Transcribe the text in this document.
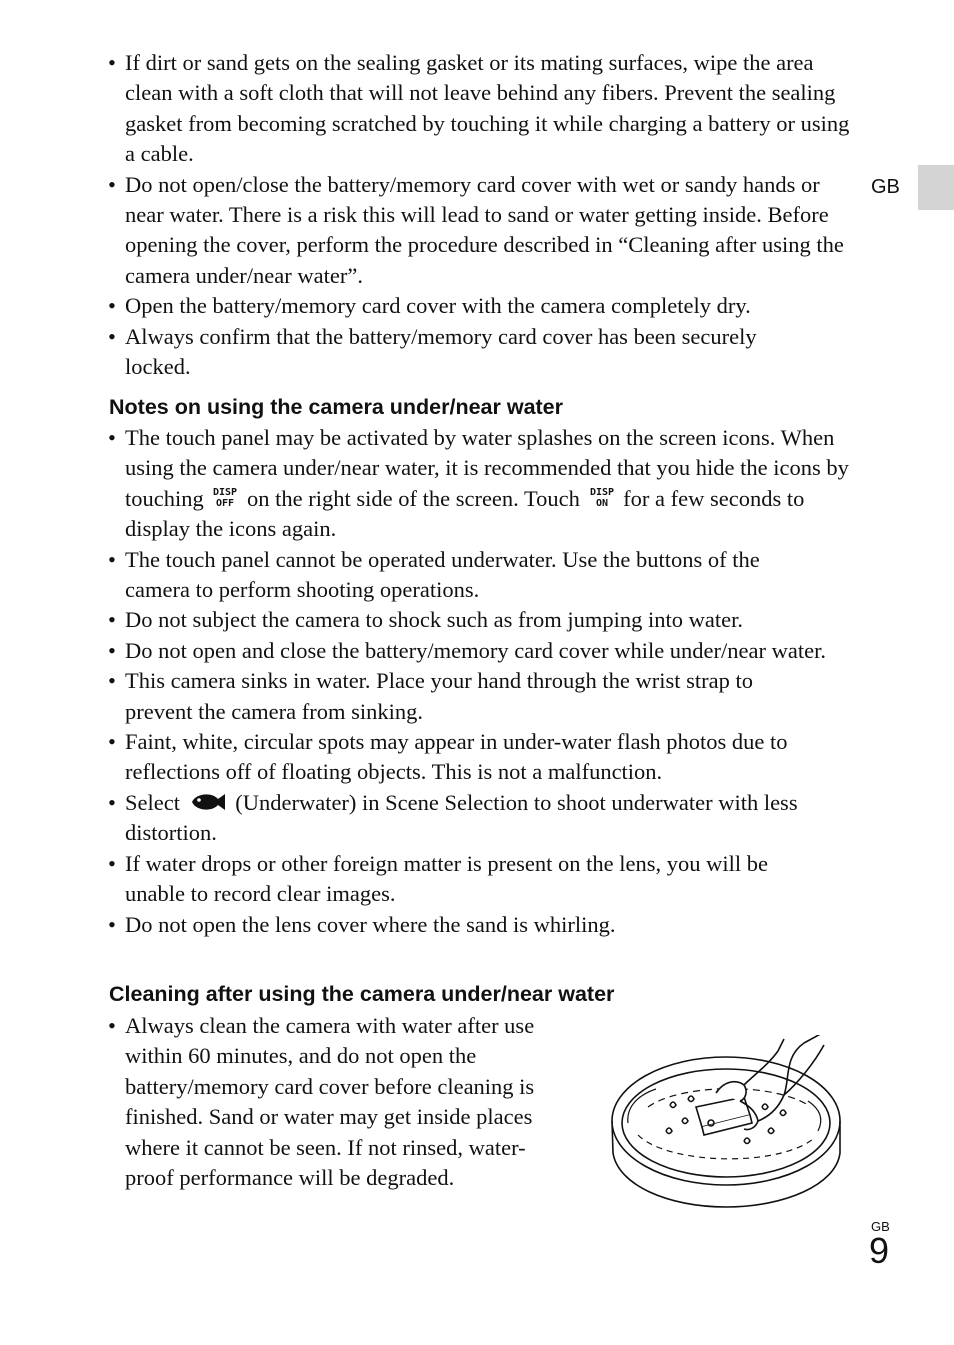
GB
• If dirt or sand gets on the sealing gasket or its mating surfaces, wipe the area clean with a soft cloth that will not leave behind any fibers. Prevent the sealing gasket from becoming scratched by touching it while charging a battery or using a cable.
• Do not open/close the battery/memory card cover with wet or sandy hands or near water. There is a risk this will lead to sand or water getting inside. Before opening the cover, perform the procedure described in “Cleaning after using the camera under/near water”.
• Open the battery/memory card cover with the camera completely dry.
• Always confirm that the battery/memory card cover has been securely locked.
Notes on using the camera under/near water
• The touch panel may be activated by water splashes on the screen icons. When using the camera under/near water, it is recommended that you hide the icons by touching DISP
OFF on the right side of the screen. Touch DISP
ON for a few seconds to display the icons again.
• The touch panel cannot be operated underwater. Use the buttons of the camera to perform shooting operations.
• Do not subject the camera to shock such as from jumping into water.
• Do not open and close the battery/memory card cover while under/near water.
• This camera sinks in water. Place your hand through the wrist strap to prevent the camera from sinking.
• Faint, white, circular spots may appear in under-water flash photos due to reflections off of floating objects. This is not a malfunction.
• Select (Underwater) in Scene Selection to shoot underwater with less distortion.
• If water drops or other foreign matter is present on the lens, you will be unable to record clear images.
• Do not open the lens cover where the sand is whirling.
Cleaning after using the camera under/near water
• Always clean the camera with water after use within 60 minutes, and do not open the battery/memory card cover before cleaning is finished. Sand or water may get inside places where it cannot be seen. If not rinsed, water-proof performance will be degraded.
GB
9
